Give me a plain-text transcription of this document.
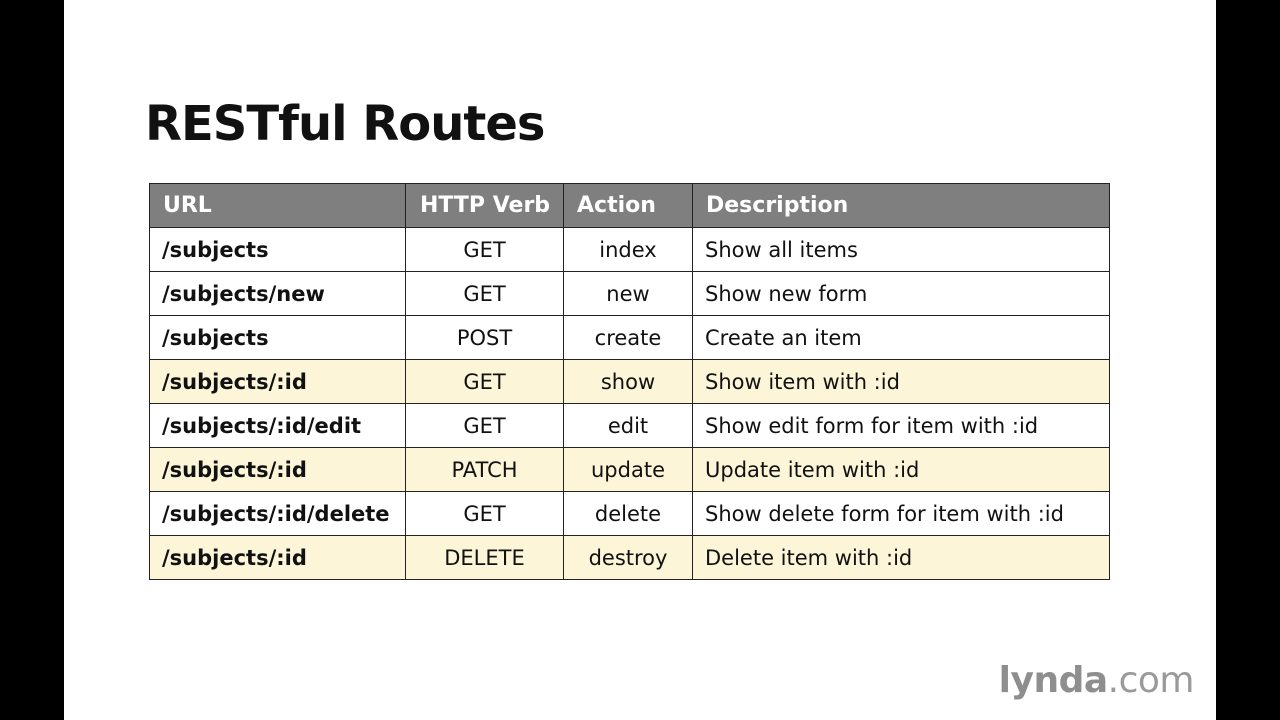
RESTful Routes
URL	HTTP Verb	Action	Description
/subjects	GET	index	Show all items
/subjects/new	GET	new	Show new form
/subjects	POST	create	Create an item
/subjects/:id	GET	show	Show item with :id
/subjects/:id/edit	GET	edit	Show edit form for item with :id
/subjects/:id	PATCH	update	Update item with :id
/subjects/:id/delete	GET	delete	Show delete form for item with :id
/subjects/:id	DELETE	destroy	Delete item with :id
lynda.com
